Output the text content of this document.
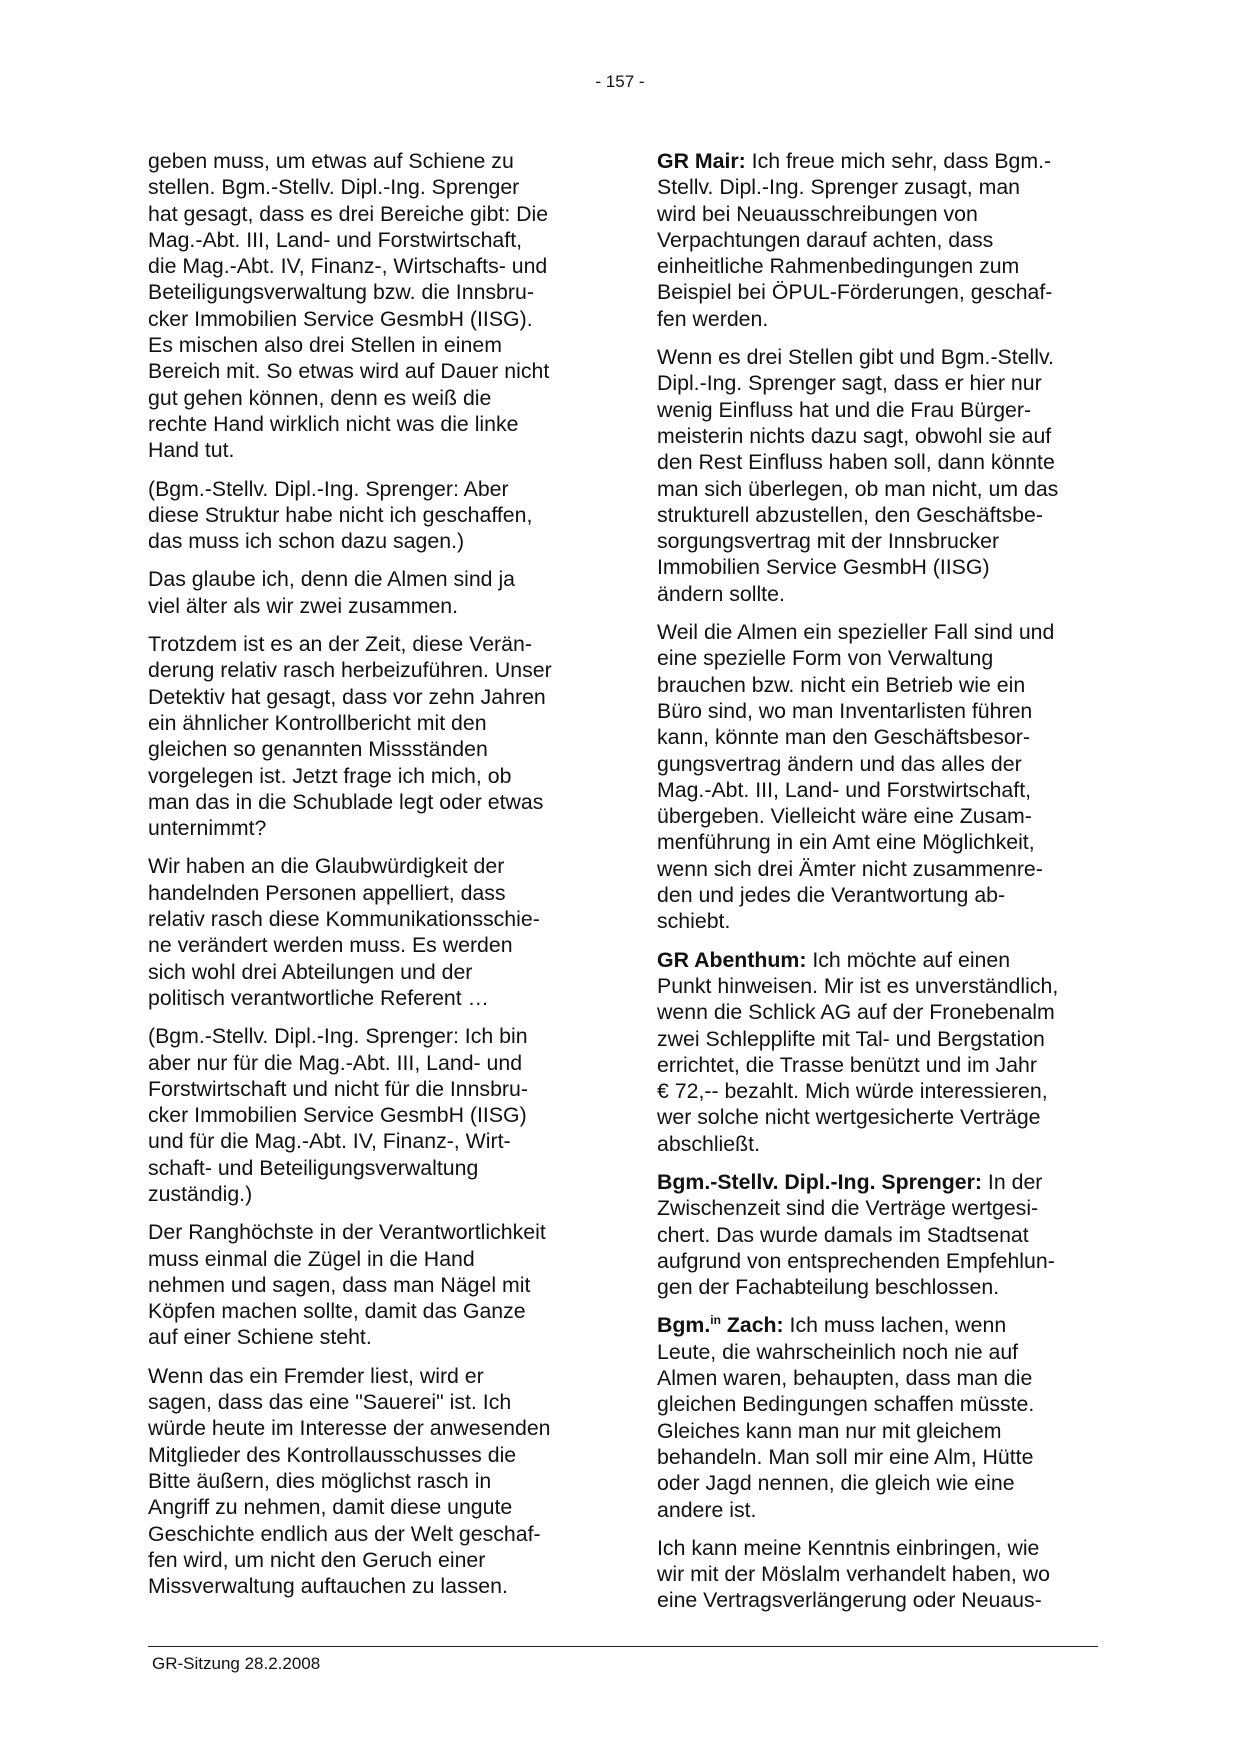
- 157 -

geben muss, um etwas auf Schiene zu
stellen. Bgm.-Stellv. Dipl.-Ing. Sprenger
hat gesagt, dass es drei Bereiche gibt: Die
Mag.-Abt. III, Land- und Forstwirtschaft,
die Mag.-Abt. IV, Finanz-, Wirtschafts- und
Beteiligungsverwaltung bzw. die Innsbru-
cker Immobilien Service GesmbH (IISG).
Es mischen also drei Stellen in einem
Bereich mit. So etwas wird auf Dauer nicht
gut gehen können, denn es weiß die
rechte Hand wirklich nicht was die linke
Hand tut.

(Bgm.-Stellv. Dipl.-Ing. Sprenger: Aber
diese Struktur habe nicht ich geschaffen,
das muss ich schon dazu sagen.)

Das glaube ich, denn die Almen sind ja
viel älter als wir zwei zusammen.

Trotzdem ist es an der Zeit, diese Verän-
derung relativ rasch herbeizuführen. Unser
Detektiv hat gesagt, dass vor zehn Jahren
ein ähnlicher Kontrollbericht mit den
gleichen so genannten Missständen
vorgelegen ist. Jetzt frage ich mich, ob
man das in die Schublade legt oder etwas
unternimmt?

Wir haben an die Glaubwürdigkeit der
handelnden Personen appelliert, dass
relativ rasch diese Kommunikationsschie-
ne verändert werden muss. Es werden
sich wohl drei Abteilungen und der
politisch verantwortliche Referent …

(Bgm.-Stellv. Dipl.-Ing. Sprenger: Ich bin
aber nur für die Mag.-Abt. III, Land- und
Forstwirtschaft und nicht für die Innsbru-
cker Immobilien Service GesmbH (IISG)
und für die Mag.-Abt. IV, Finanz-, Wirt-
schaft- und Beteiligungsverwaltung
zuständig.)

Der Ranghöchste in der Verantwortlichkeit
muss einmal die Zügel in die Hand
nehmen und sagen, dass man Nägel mit
Köpfen machen sollte, damit das Ganze
auf einer Schiene steht.

Wenn das ein Fremder liest, wird er
sagen, dass das eine "Sauerei" ist. Ich
würde heute im Interesse der anwesenden
Mitglieder des Kontrollausschusses die
Bitte äußern, dies möglichst rasch in
Angriff zu nehmen, damit diese ungute
Geschichte endlich aus der Welt geschaf-
fen wird, um nicht den Geruch einer
Missverwaltung auftauchen zu lassen.

GR Mair: Ich freue mich sehr, dass Bgm.-
Stellv. Dipl.-Ing. Sprenger zusagt, man
wird bei Neuausschreibungen von
Verpachtungen darauf achten, dass
einheitliche Rahmenbedingungen zum
Beispiel bei ÖPUL-Förderungen, geschaf-
fen werden.

Wenn es drei Stellen gibt und Bgm.-Stellv.
Dipl.-Ing. Sprenger sagt, dass er hier nur
wenig Einfluss hat und die Frau Bürger-
meisterin nichts dazu sagt, obwohl sie auf
den Rest Einfluss haben soll, dann könnte
man sich überlegen, ob man nicht, um das
strukturell abzustellen, den Geschäftsbe-
sorgungsvertrag mit der Innsbrucker
Immobilien Service GesmbH (IISG)
ändern sollte.

Weil die Almen ein spezieller Fall sind und
eine spezielle Form von Verwaltung
brauchen bzw. nicht ein Betrieb wie ein
Büro sind, wo man Inventarlisten führen
kann, könnte man den Geschäftsbesor-
gungsvertrag ändern und das alles der
Mag.-Abt. III, Land- und Forstwirtschaft,
übergeben. Vielleicht wäre eine Zusam-
menführung in ein Amt eine Möglichkeit,
wenn sich drei Ämter nicht zusammenre-
den und jedes die Verantwortung ab-
schiebt.

GR Abenthum: Ich möchte auf einen
Punkt hinweisen. Mir ist es unverständlich,
wenn die Schlick AG auf der Fronebenalm
zwei Schlepplifte mit Tal- und Bergstation
errichtet, die Trasse benützt und im Jahr
€ 72,-- bezahlt. Mich würde interessieren,
wer solche nicht wertgesicherte Verträge
abschließt.

Bgm.-Stellv. Dipl.-Ing. Sprenger: In der
Zwischenzeit sind die Verträge wertgesi-
chert. Das wurde damals im Stadtsenat
aufgrund von entsprechenden Empfehlun-
gen der Fachabteilung beschlossen.

Bgm.$^{in}$ Zach: Ich muss lachen, wenn
Leute, die wahrscheinlich noch nie auf
Almen waren, behaupten, dass man die
gleichen Bedingungen schaffen müsste.
Gleiches kann man nur mit gleichem
behandeln. Man soll mir eine Alm, Hütte
oder Jagd nennen, die gleich wie eine
andere ist.

Ich kann meine Kenntnis einbringen, wie
wir mit der Möslalm verhandelt haben, wo
eine Vertragsverlängerung oder Neuaus-

GR-Sitzung 28.2.2008
